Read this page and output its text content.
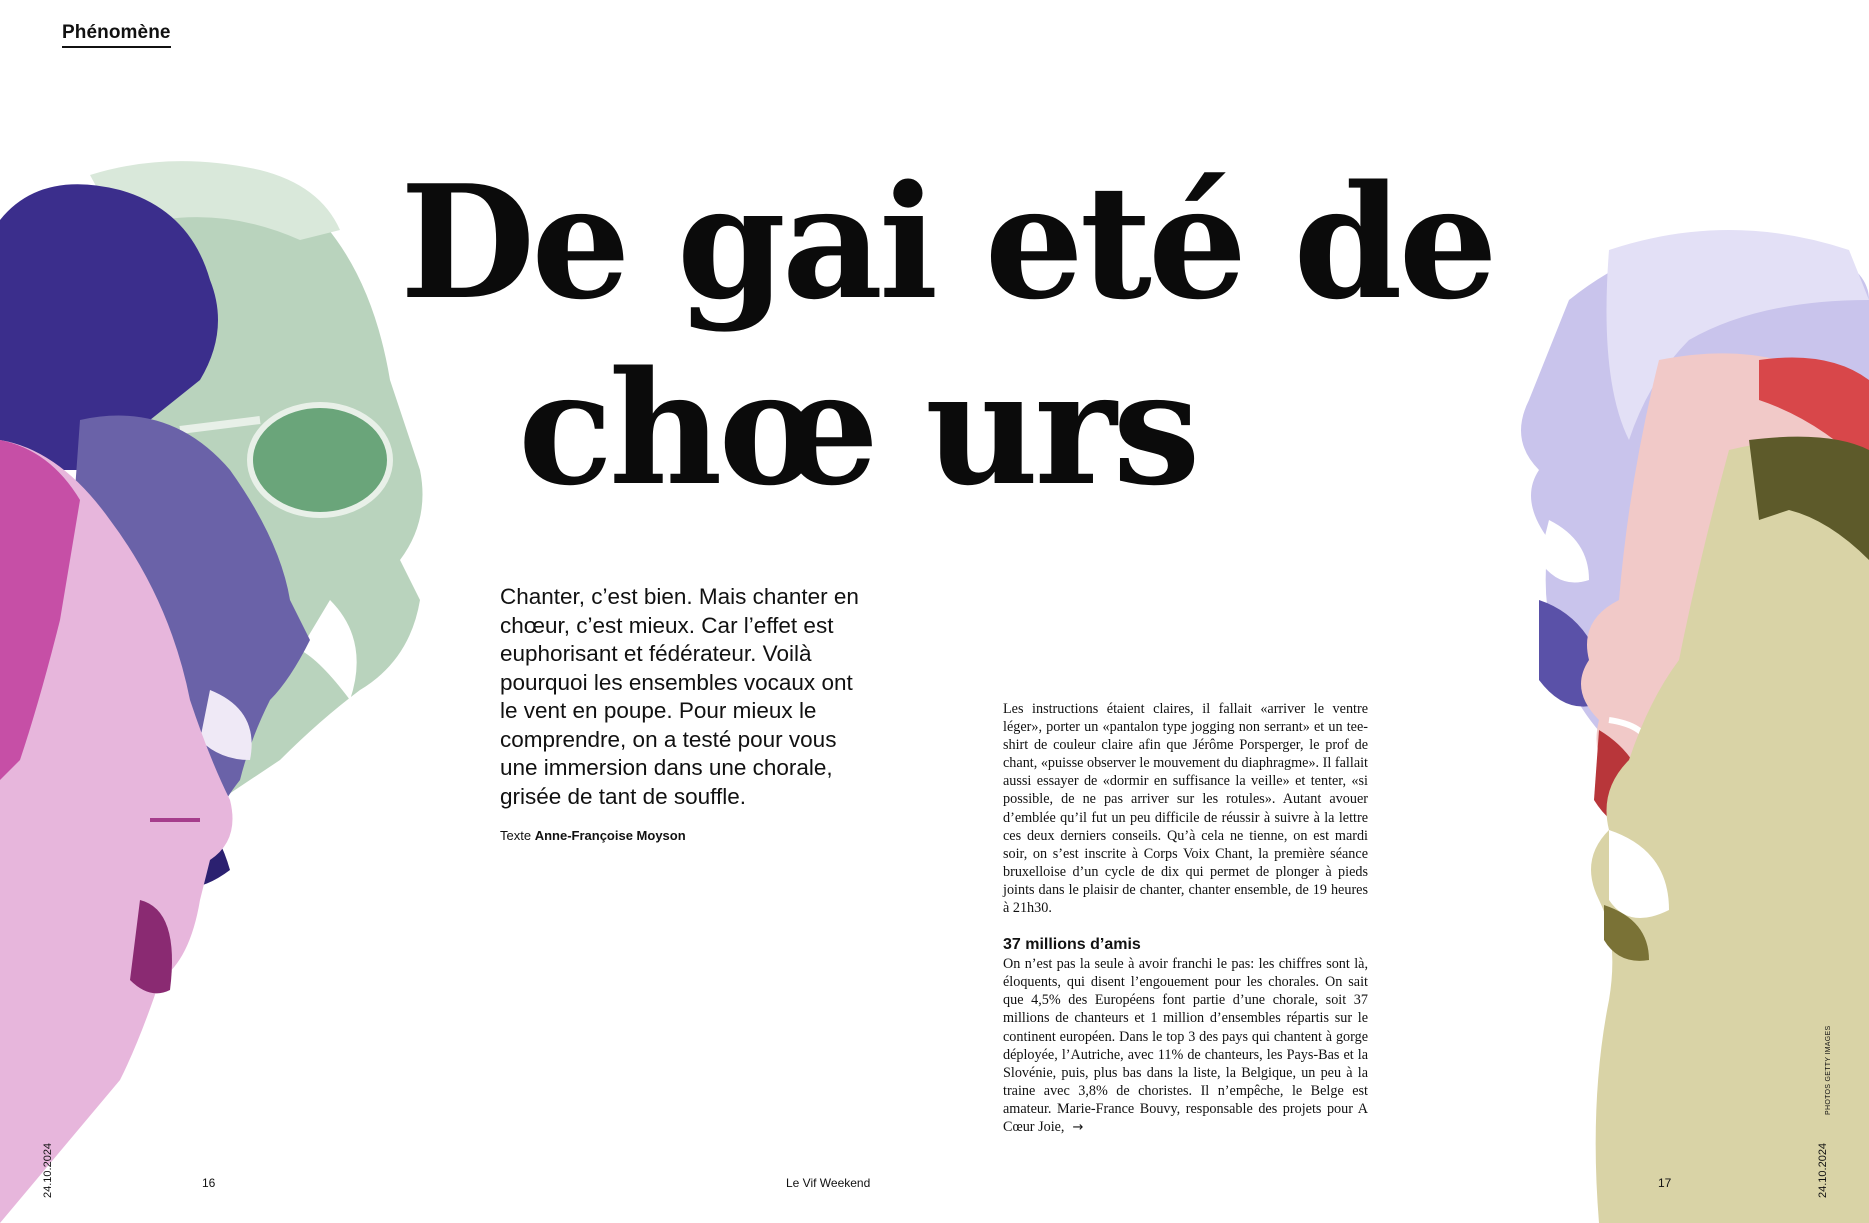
Phénomène
De gai eté de
chœ urs

Chanter, c’est bien. Mais chanter en chœur, c’est mieux. Car l’effet est euphorisant et fédérateur. Voilà pourquoi les ensembles vocaux ont le vent en poupe. Pour mieux le comprendre, on a testé pour vous une immersion dans une chorale, grisée de tant de souffle.

Texte Anne-Françoise Moyson

Les instructions étaient claires, il fallait «arriver le ventre léger», porter un «pantalon type jogging non serrant» et un tee-shirt de couleur claire afin que Jérôme Porsperger, le prof de chant, «puisse observer le mouvement du diaphragme». Il fallait aussi essayer de «dormir en suffisance la veille» et tenter, «si possible, de ne pas arriver sur les rotules». Autant avouer d’emblée qu’il fut un peu difficile de réussir à suivre à la lettre ces deux derniers conseils. Qu’à cela ne tienne, on est mardi soir, on s’est inscrite à Corps Voix Chant, la première séance bruxelloise d’un cycle de dix qui permet de plonger à pieds joints dans le plaisir de chanter, chanter ensemble, de 19 heures à 21h30.

37 millions d’amis

On n’est pas la seule à avoir franchi le pas: les chiffres sont là, éloquents, qui disent l’engouement pour les chorales. On sait que 4,5% des Européens font partie d’une chorale, soit 37 millions de chanteurs et 1 million d’ensembles répartis sur le continent européen. Dans le top 3 des pays qui chantent à gorge déployée, l’Autriche, avec 11% de chanteurs, les Pays-Bas et la Slovénie, puis, plus bas dans la liste, la Belgique, un peu à la traine avec 3,8% de choristes. Il n’empêche, le Belge est amateur. Marie-France Bouvy, responsable des projets pour A Cœur Joie, →

24.10.2024	16	Le Vif Weekend	17	24.10.2024
PHOTOS GETTY IMAGES
